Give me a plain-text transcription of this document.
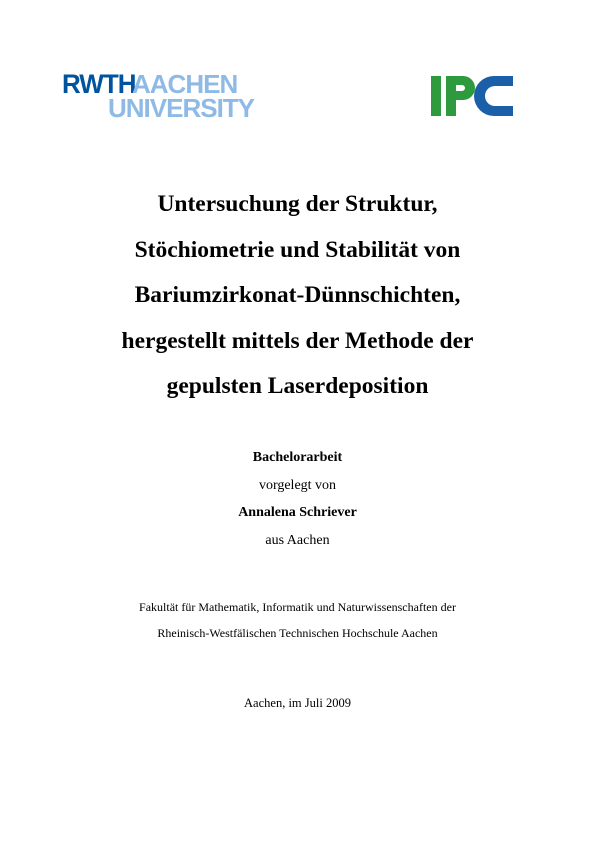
RWTH
AACHEN
UNIVERSITY
Untersuchung der Struktur,
Stöchiometrie und Stabilität von
Bariumzirkonat-Dünnschichten,
hergestellt mittels der Methode der
gepulsten Laserdeposition

Bachelorarbeit

vorgelegt von

Annalena Schriever

aus Aachen

Fakultät für Mathematik, Informatik und Naturwissenschaften der

Rheinisch-Westfälischen Technischen Hochschule Aachen

Aachen, im Juli 2009
